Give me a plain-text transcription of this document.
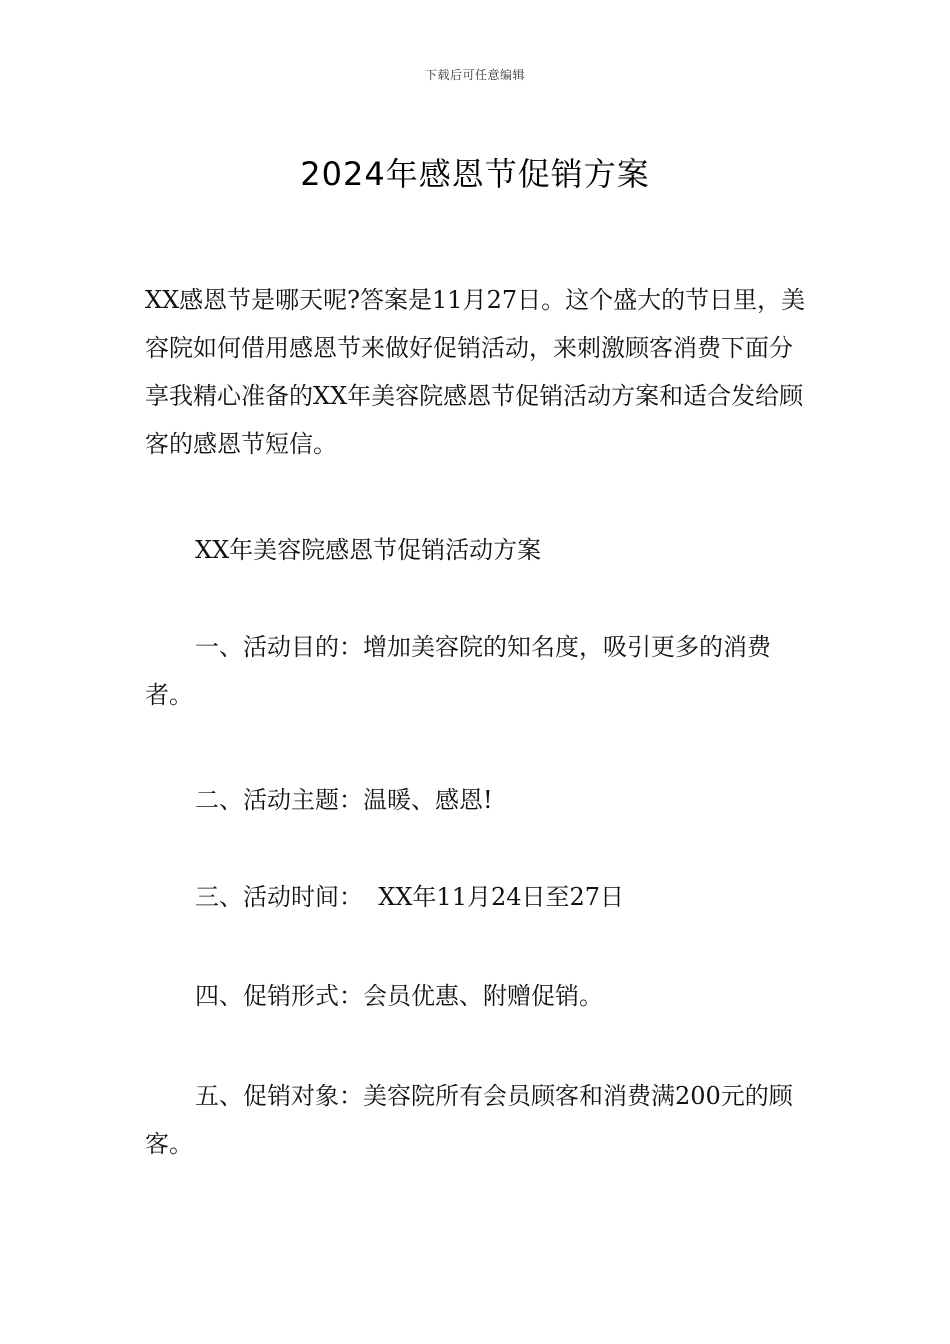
下载后可任意编辑
2024年感恩节促销方案

XX感恩节是哪天呢?答案是11月27日。这个盛大的节日里，美容院如何借用感恩节来做好促销活动，来刺激顾客消费下面分享我精心准备的XX年美容院感恩节促销活动方案和适合发给顾客的感恩节短信。

XX年美容院感恩节促销活动方案

一、活动目的：增加美容院的知名度，吸引更多的消费者。

二、活动主题：温暖、感恩!

三、活动时间：  XX年11月24日至27日

四、促销形式：会员优惠、附赠促销。

五、促销对象：美容院所有会员顾客和消费满200元的顾客。
